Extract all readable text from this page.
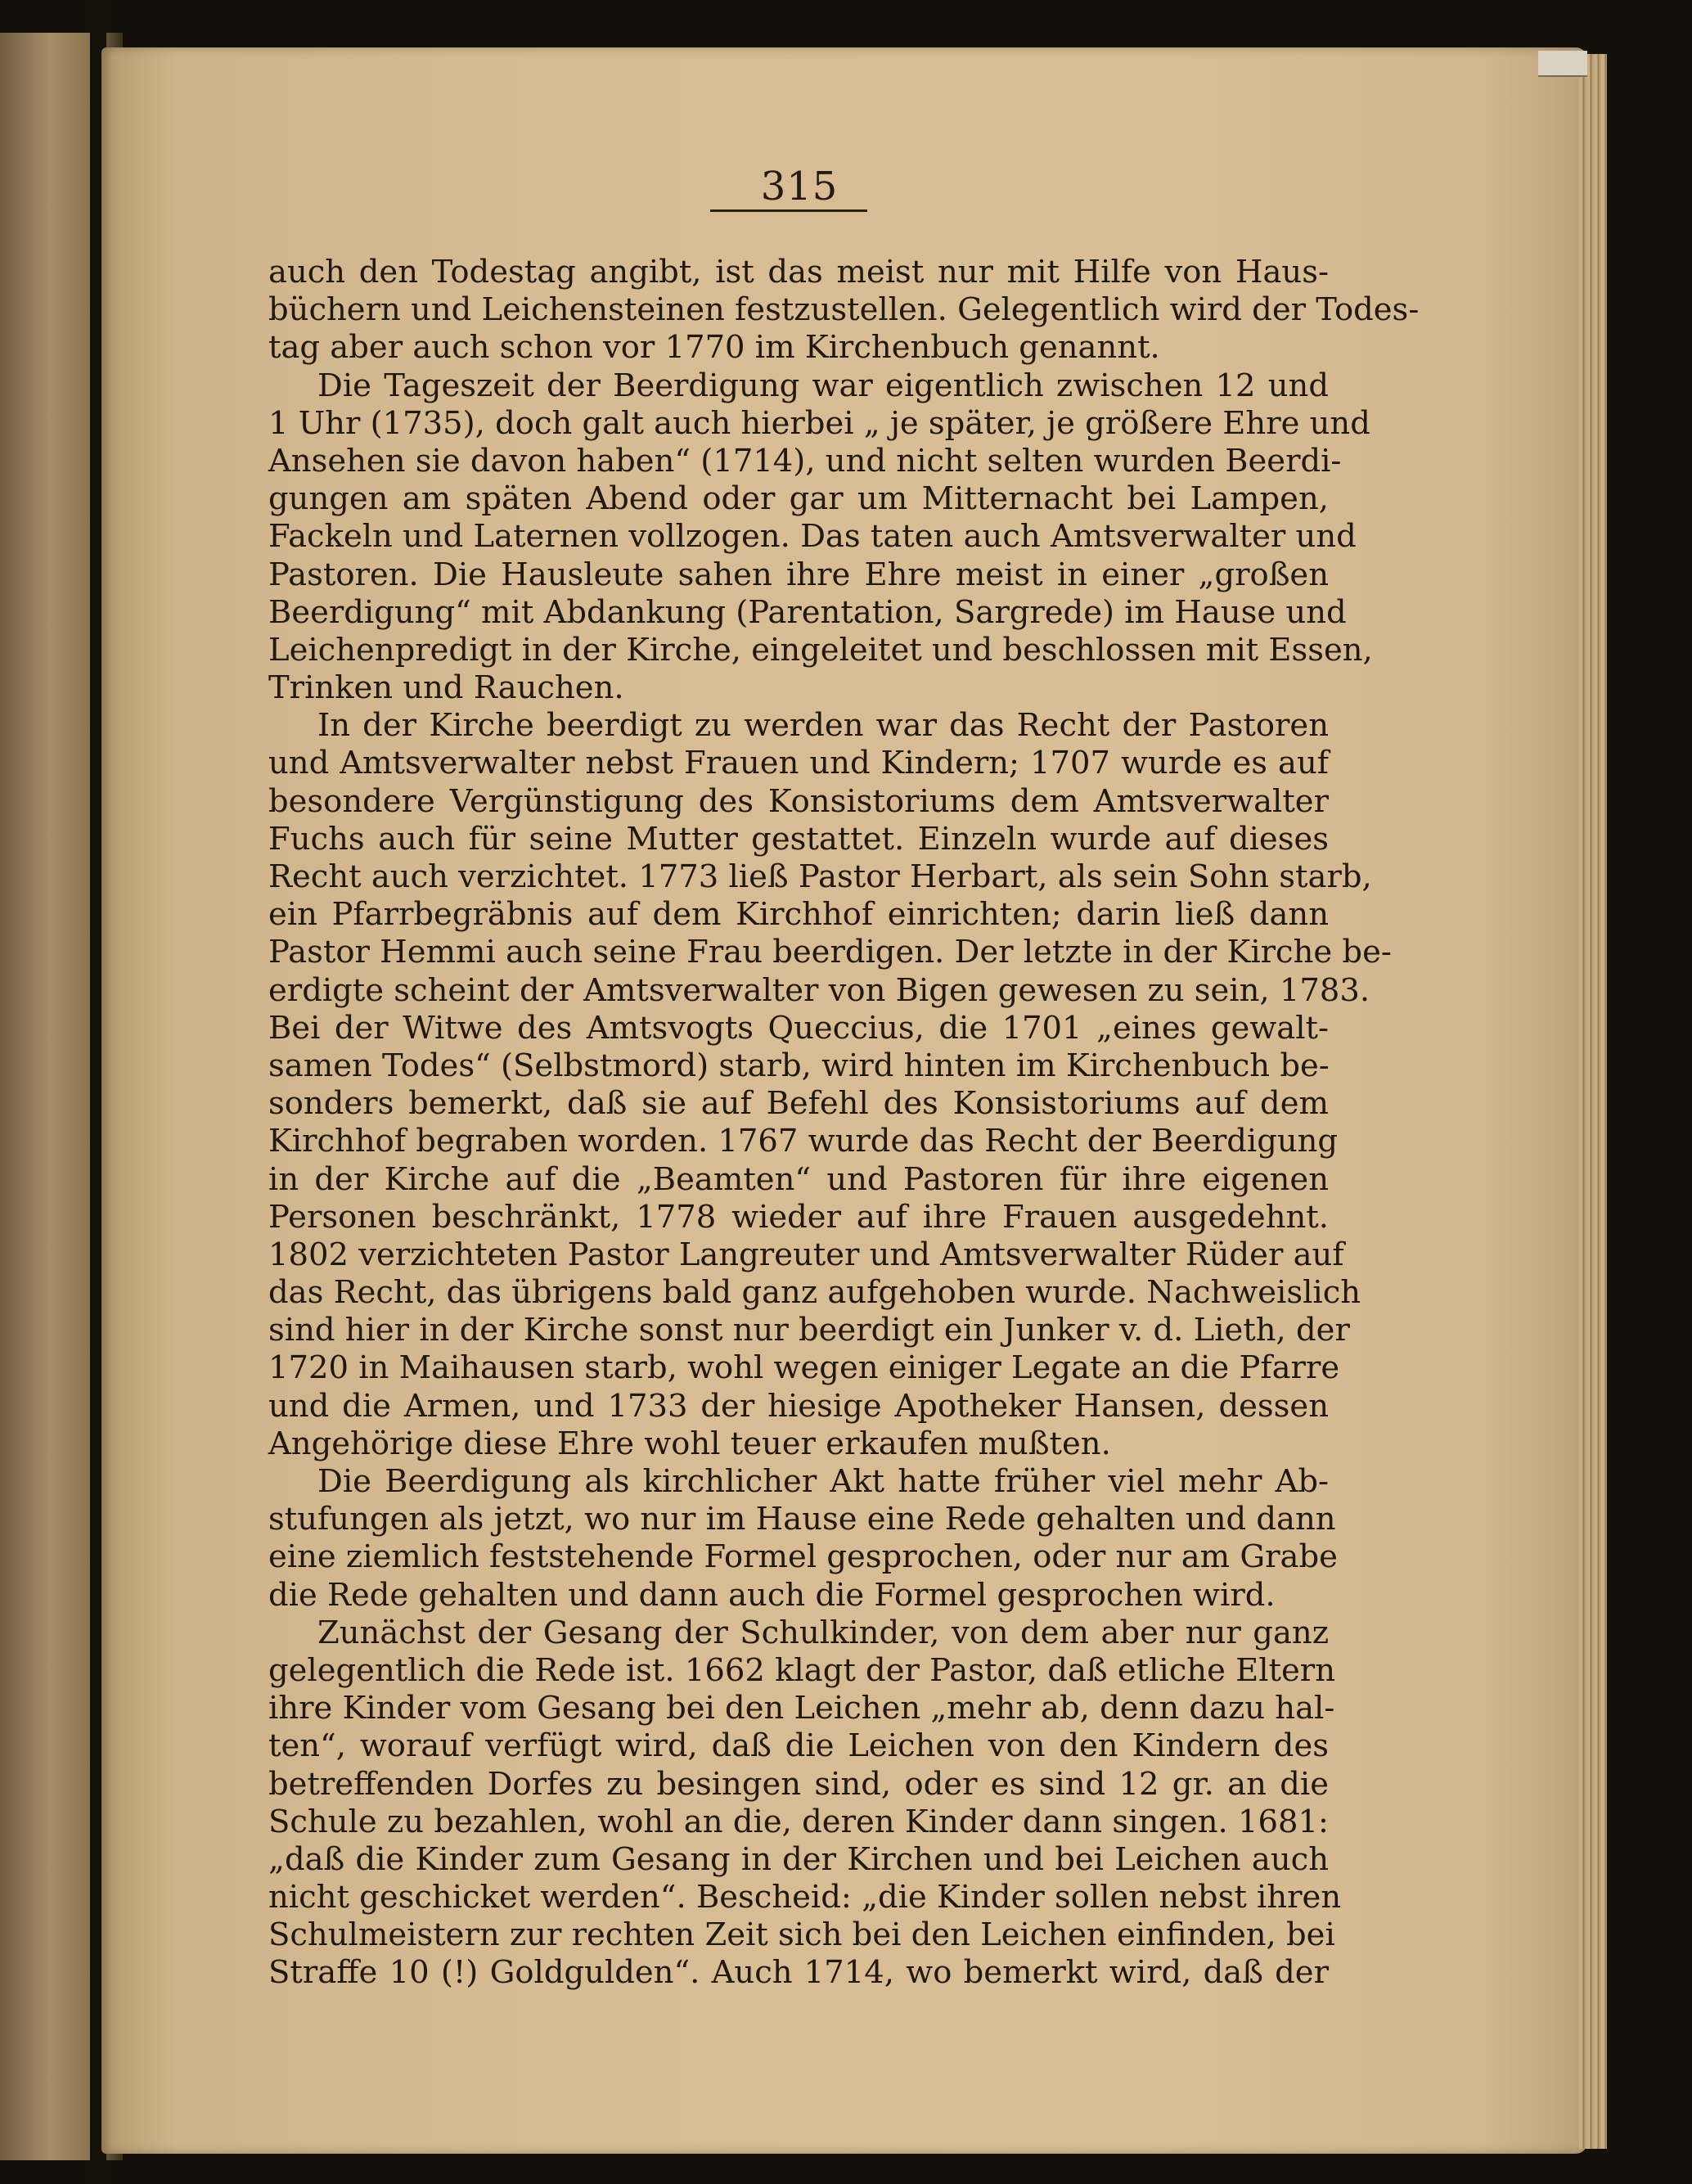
315
auch den Todestag angibt, ist das meist nur mit Hilfe von Haus-
büchern und Leichensteinen festzustellen. Gelegentlich wird der Todes-
tag aber auch schon vor 1770 im Kirchenbuch genannt.
Die Tageszeit der Beerdigung war eigentlich zwischen 12 und
1 Uhr (1735), doch galt auch hierbei „ je später, je größere Ehre und
Ansehen sie davon haben“ (1714), und nicht selten wurden Beerdi-
gungen am späten Abend oder gar um Mitternacht bei Lampen,
Fackeln und Laternen vollzogen. Das taten auch Amtsverwalter und
Pastoren. Die Hausleute sahen ihre Ehre meist in einer „großen
Beerdigung“ mit Abdankung (Parentation, Sargrede) im Hause und
Leichenpredigt in der Kirche, eingeleitet und beschlossen mit Essen,
Trinken und Rauchen.
In der Kirche beerdigt zu werden war das Recht der Pastoren
und Amtsverwalter nebst Frauen und Kindern; 1707 wurde es auf
besondere Vergünstigung des Konsistoriums dem Amtsverwalter
Fuchs auch für seine Mutter gestattet. Einzeln wurde auf dieses
Recht auch verzichtet. 1773 ließ Pastor Herbart, als sein Sohn starb,
ein Pfarrbegräbnis auf dem Kirchhof einrichten; darin ließ dann
Pastor Hemmi auch seine Frau beerdigen. Der letzte in der Kirche be-
erdigte scheint der Amtsverwalter von Bigen gewesen zu sein, 1783.
Bei der Witwe des Amtsvogts Queccius, die 1701 „eines gewalt-
samen Todes“ (Selbstmord) starb, wird hinten im Kirchenbuch be-
sonders bemerkt, daß sie auf Befehl des Konsistoriums auf dem
Kirchhof begraben worden. 1767 wurde das Recht der Beerdigung
in der Kirche auf die „Beamten“ und Pastoren für ihre eigenen
Personen beschränkt, 1778 wieder auf ihre Frauen ausgedehnt.
1802 verzichteten Pastor Langreuter und Amtsverwalter Rüder auf
das Recht, das übrigens bald ganz aufgehoben wurde. Nachweislich
sind hier in der Kirche sonst nur beerdigt ein Junker v. d. Lieth, der
1720 in Maihausen starb, wohl wegen einiger Legate an die Pfarre
und die Armen, und 1733 der hiesige Apotheker Hansen, dessen
Angehörige diese Ehre wohl teuer erkaufen mußten.
Die Beerdigung als kirchlicher Akt hatte früher viel mehr Ab-
stufungen als jetzt, wo nur im Hause eine Rede gehalten und dann
eine ziemlich feststehende Formel gesprochen, oder nur am Grabe
die Rede gehalten und dann auch die Formel gesprochen wird.
Zunächst der Gesang der Schulkinder, von dem aber nur ganz
gelegentlich die Rede ist. 1662 klagt der Pastor, daß etliche Eltern
ihre Kinder vom Gesang bei den Leichen „mehr ab, denn dazu hal-
ten“, worauf verfügt wird, daß die Leichen von den Kindern des
betreffenden Dorfes zu besingen sind, oder es sind 12 gr. an die
Schule zu bezahlen, wohl an die, deren Kinder dann singen. 1681:
„daß die Kinder zum Gesang in der Kirchen und bei Leichen auch
nicht geschicket werden“. Bescheid: „die Kinder sollen nebst ihren
Schulmeistern zur rechten Zeit sich bei den Leichen einfinden, bei
Straffe 10 (!) Goldgulden“. Auch 1714, wo bemerkt wird, daß der
